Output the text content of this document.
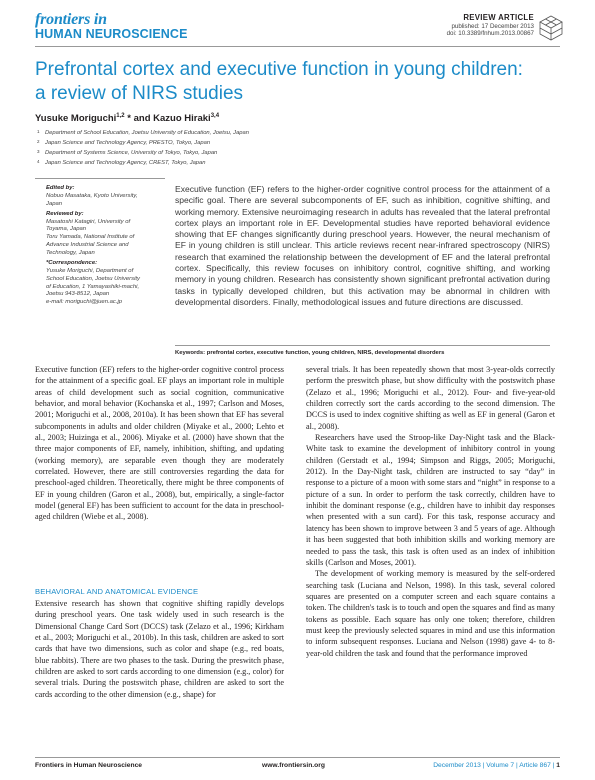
frontiers in
HUMAN NEUROSCIENCE
REVIEW ARTICLE
published: 17 December 2013
doi: 10.3389/fnhum.2013.00867
Prefrontal cortex and executive function in young children:
a review of NIRS studies
Yusuke Moriguchi$^{1,2}$ * and Kazuo Hiraki$^{3,4}$
1 Department of School Education, Joetsu University of Education, Joetsu, Japan
2 Japan Science and Technology Agency, PRESTO, Tokyo, Japan
3 Department of Systems Science, University of Tokyo, Tokyo, Japan
4 Japan Science and Technology Agency, CREST, Tokyo, Japan
Edited by:
Nobuo Masataka, Kyoto University,
Japan
Reviewed by:
Masatoshi Katagiri, University of
Toyama, Japan
Toru Yamada, National Institute of
Advance Industrial Science and
Technology, Japan
*Correspondence:
Yusuke Moriguchi, Department of
School Education, Joetsu University
of Education, 1 Yamayashiki-machi,
Joetsu 943-8512, Japan
e-mail: moriguchi@juen.ac.jp

Executive function (EF) refers to the higher-order cognitive control process for the attainment of a specific goal. There are several subcomponents of EF, such as inhibition, cognitive shifting, and working memory. Extensive neuroimaging research in adults has revealed that the lateral prefrontal cortex plays an important role in EF. Developmental studies have reported behavioral evidence showing that EF changes significantly during preschool years. However, the neural mechanism of EF in young children is still unclear. This article reviews recent near-infrared spectroscopy (NIRS) research that examined the relationship between the development of EF and the lateral prefrontal cortex. Specifically, this review focuses on inhibitory control, cognitive shifting, and working memory in young children. Research has consistently shown significant prefrontal activation during tasks in typically developed children, but this activation may be abnormal in children with developmental disorders. Finally, methodological issues and future directions are discussed.

Keywords: prefrontal cortex, executive function, young children, NIRS, developmental disorders

Executive function (EF) refers to the higher-order cognitive control process for the attainment of a specific goal. EF plays an important role in multiple areas of child development such as social cognition, communicative behavior, and moral behavior (Kochanska et al., 1997; Carlson and Moses, 2001; Moriguchi et al., 2008, 2010a). It has been shown that EF has several subcomponents in adults and older children (Miyake et al., 2000; Lehto et al., 2003; Huizinga et al., 2006). Miyake et al. (2000) have shown that the three major components of EF, namely, inhibition, shifting, and updating (working memory), are separable even though they are moderately correlated. However, there are still controversies regarding the data for preschool-aged children. Theoretically, there might be three components of EF in young children (Garon et al., 2008), but, empirically, a single-factor model (general EF) has been sufficient to account for the data in preschool-aged children (Wiebe et al., 2008).

BEHAVIORAL AND ANATOMICAL EVIDENCE

Extensive research has shown that cognitive shifting rapidly develops during preschool years. One task widely used in such research is the Dimensional Change Card Sort (DCCS) task (Zelazo et al., 1996; Kirkham et al., 2003; Moriguchi et al., 2010b). In this task, children are asked to sort cards that have two dimensions, such as color and shape (e.g., red boats, blue rabbits). There are two phases to the task. During the preswitch phase, children are asked to sort cards according to one dimension (e.g., color) for several trials. During the postswitch phase, children are asked to sort the cards according to the other dimension (e.g., shape) for

several trials. It has been repeatedly shown that most 3-year-olds correctly perform the preswitch phase, but show difficulty with the postswitch phase (Zelazo et al., 1996; Moriguchi et al., 2012). Four- and five-year-old children correctly sort the cards according to the second dimension. The DCCS is used to index cognitive shifting as well as EF in general (Garon et al., 2008).

Researchers have used the Stroop-like Day-Night task and the Black-White task to examine the development of inhibitory control in young children (Gerstadt et al., 1994; Simpson and Riggs, 2005; Moriguchi, 2012). In the Day-Night task, children are instructed to say “day” in response to a picture of a moon with some stars and “night” in response to a picture of a sun. In order to perform the task correctly, children have to inhibit the dominant response (e.g., children have to inhibit day responses when presented with a sun card). For this task, response accuracy and latency has been shown to improve between 3 and 5 years of age. Although it has been suggested that both inhibition skills and working memory are needed to pass the task, this task is often used as an index of inhibition skills (Carlson and Moses, 2001).

The development of working memory is measured by the self-ordered searching task (Luciana and Nelson, 1998). In this task, several colored squares are presented on a computer screen and each square contains a token. The children's task is to touch and open the squares and find as many tokens as possible. Each square has only one token; therefore, children must keep the previously selected squares in mind and use this information to inform subsequent responses. Luciana and Nelson (1998) gave 4- to 8-year-old children the task and found that the performance improved

Frontiers in Human Neuroscience	www.frontiersin.org	December 2013 | Volume 7 | Article 867 | 1
